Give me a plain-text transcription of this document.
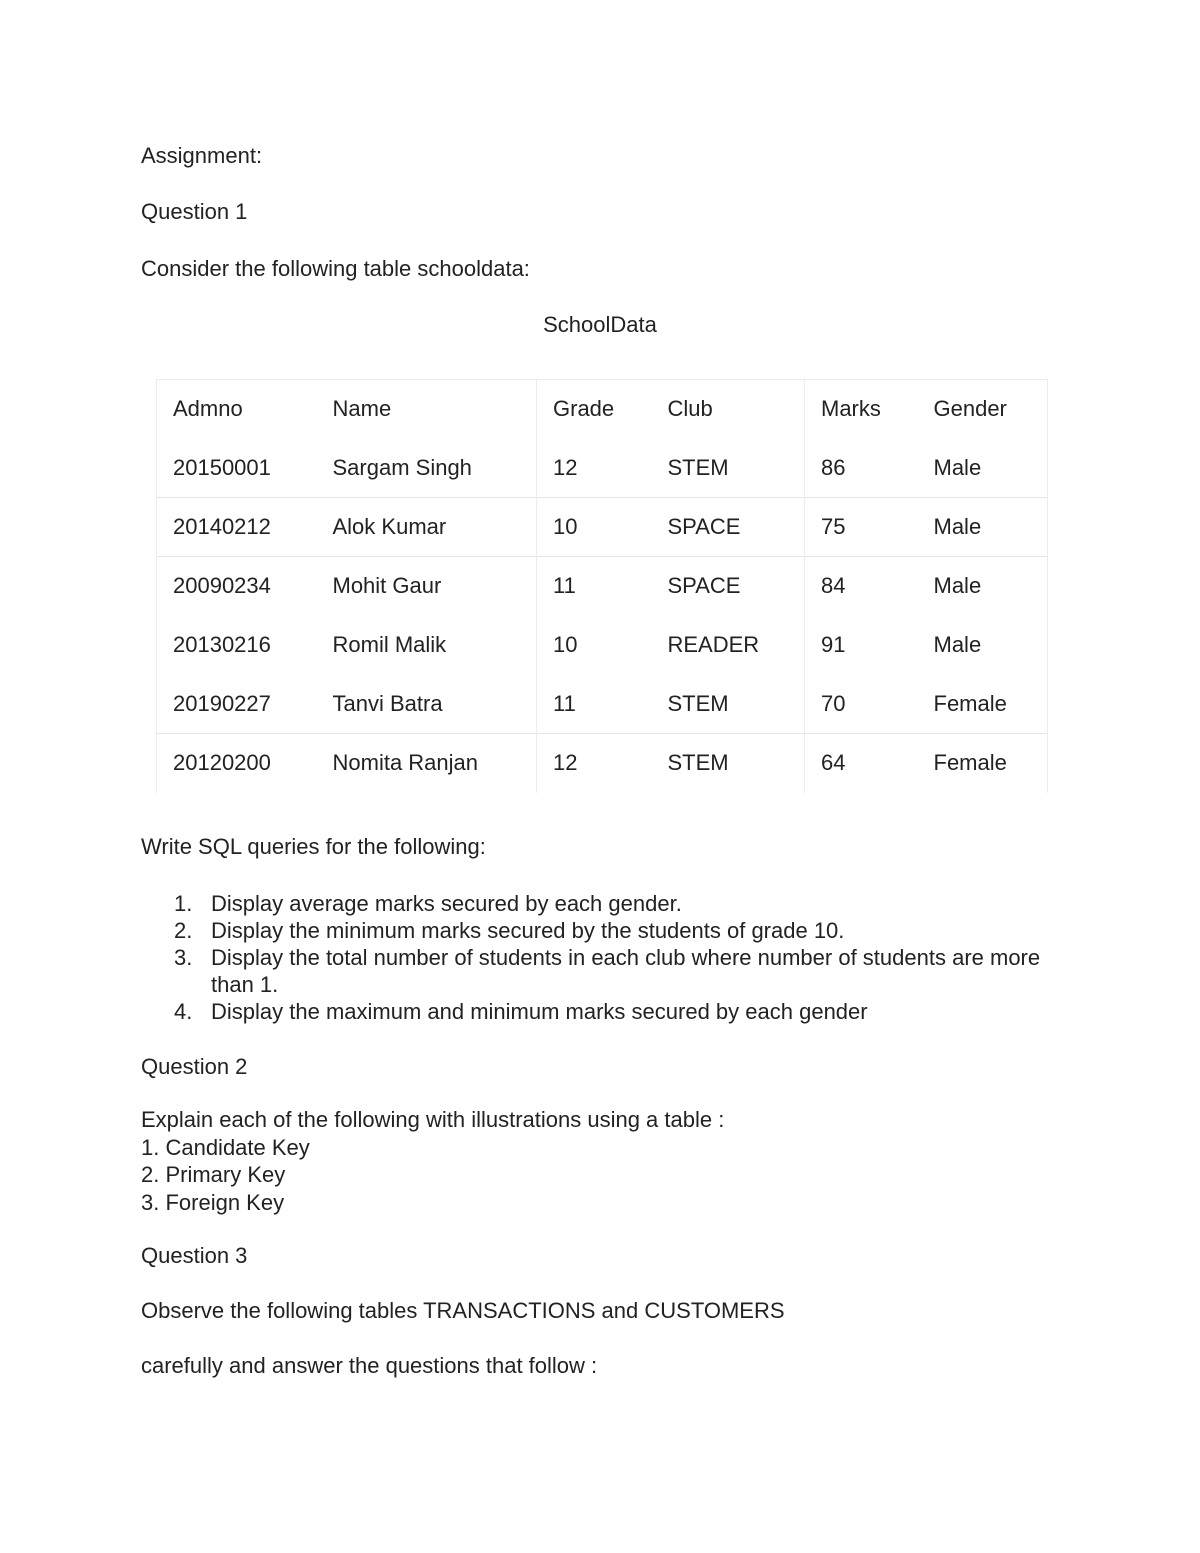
Assignment:
Question 1
Consider the following table schooldata:
SchoolData
Admno	Name	Grade	Club	Marks	Gender
20150001	Sargam Singh	12	STEM	86	Male
20140212	Alok Kumar	10	SPACE	75	Male
20090234	Mohit Gaur	11	SPACE	84	Male
20130216	Romil Malik	10	READER	91	Male
20190227	Tanvi Batra	11	STEM	70	Female
20120200	Nomita Ranjan	12	STEM	64	Female
Write SQL queries for the following:
1. Display average marks secured by each gender.
2. Display the minimum marks secured by the students of grade 10.
3. Display the total number of students in each club where number of students are more than 1.
4. Display the maximum and minimum marks secured by each gender
Question 2
Explain each of the following with illustrations using a table :
1. Candidate Key
2. Primary Key
3. Foreign Key
Question 3
Observe the following tables TRANSACTIONS and CUSTOMERS
carefully and answer the questions that follow :
